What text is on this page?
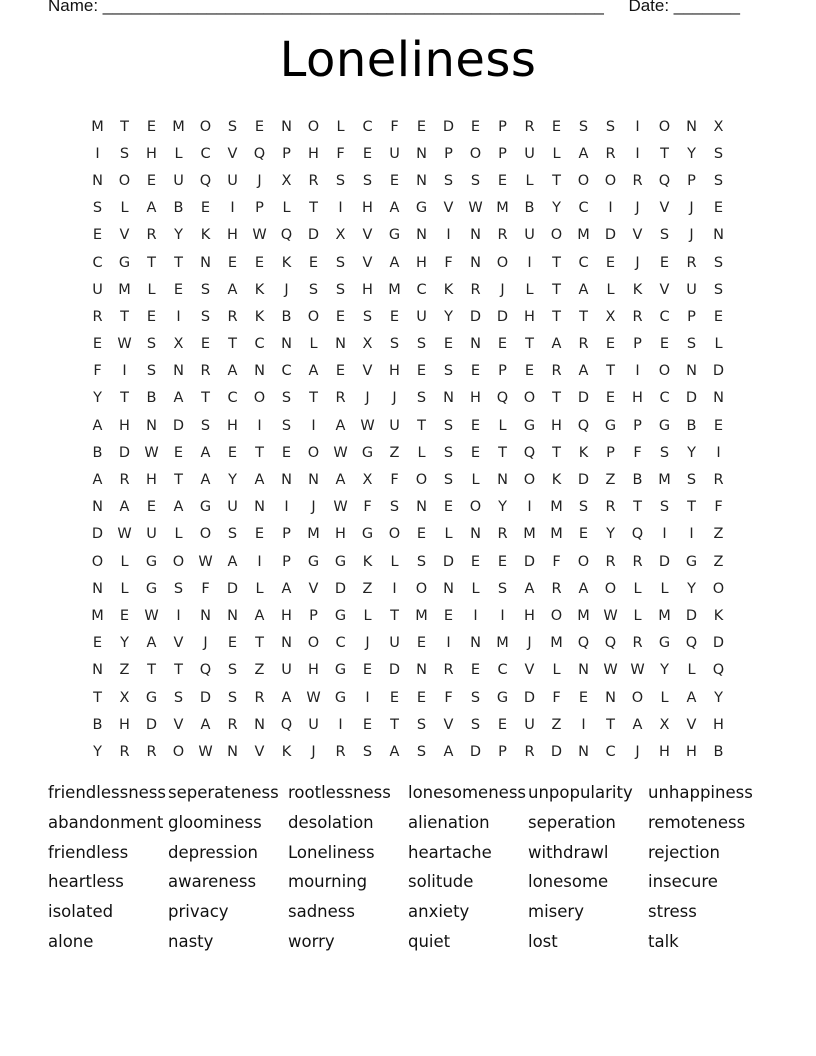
Name: _____________________________________________________ Date: _______
Loneliness
M	T	E	M	O	S	E	N	O	L	C	F	E	D	E	P	R	E	S	S	I	O	N	X
I	S	H	L	C	V	Q	P	H	F	E	U	N	P	O	P	U	L	A	R	I	T	Y	S
N	O	E	U	Q	U	J	X	R	S	S	E	N	S	S	E	L	T	O	O	R	Q	P	S
S	L	A	B	E	I	P	L	T	I	H	A	G	V	W M	B	Y	C	I	J	V	J	E
E	V	R	Y	K	H W Q	D	X	V	G	N	I	N	R	U	O	M	D	V	S	J	N
C	G	T	T	N	E	E	K	E	S	V	A	H	F	N	O	I	T	C	E	J	E	R	S
U	M	L	E	S	A	K	J	S	S	H	M	C	K	R	J	L	T	A	L	K	V	U	S
R	T	E	I	S	R	K	B	O	E	S	E	U	Y	D	D	H	T	T	X	R	C	P	E
E	W	S	X	E	T	C	N	L	N	X	S	S	E	N	E	T	A	R	E	P	E	S	L
F	I	S	N	R	A	N	C	A	E	V	H	E	S	E	P	E	R	A	T	I	O	N	D
Y	T	B	A	T	C	O	S	T	R	J	J	S	N	H	Q	O	T	D	E	H	C	D	N
A	H	N	D	S	H	I	S	I	A	W	U	T	S	E	L	G	H	Q	G	P	G	B	E
B	D W	E	A	E	T	E	O W G	Z	L	S	E	T	Q	T	K	P	F	S	Y	I
A	R	H	T	A	Y	A	N	N	A	X	F	O	S	L	N	O	K	D	Z	B	M	S	R
N	A	E	A	G	U	N	I	J	W	F	S	N	E	O	Y	I	M	S	R	T	S	T	F
D W	U	L	O	S	E	P	M	H	G	O	E	L	N	R	M M	E	Y	Q	I	I	Z
O	L	G	O W	A	I	P	G	G	K	L	S	D	E	E	D	F	O	R	R	D	G	Z
N	L	G	S	F	D	L	A	V	D	Z	I	O	N	L	S	A	R	A	O	L	L	Y	O
M	E	W	I	N	N	A	H	P	G	L	T	M	E	I	I	H	O	M W	L	M	D	K
E	Y	A	V	J	E	T	N	O	C	J	U	E	I	N	M	J	M	Q	Q	R	G	Q	D
N	Z	T	T	Q	S	Z	U	H	G	E	D	N	R	E	C	V	L	N W W	Y	L	Q
T	X	G	S	D	S	R	A	W G	I	E	E	F	S	G	D	F	E	N	O	L	A	Y
B	H	D	V	A	R	N	Q	U	I	E	T	S	V	S	E	U	Z	I	T	A	X	V	H
Y	R	R	O W N	V	K	J	R	S	A	S	A	D	P	R	D	N	C	J	H	H	B
friendlessness seperateness rootlessness	lonesomeness unpopularity unhappiness
abandonment gloominess	desolation	alienation	seperation	remoteness
friendless	depression	Loneliness	heartache	withdrawl	rejection
heartless	awareness	mourning	solitude	lonesome	insecure
isolated	privacy	sadness	anxiety	misery	stress
alone	nasty	worry	quiet	lost	talk
